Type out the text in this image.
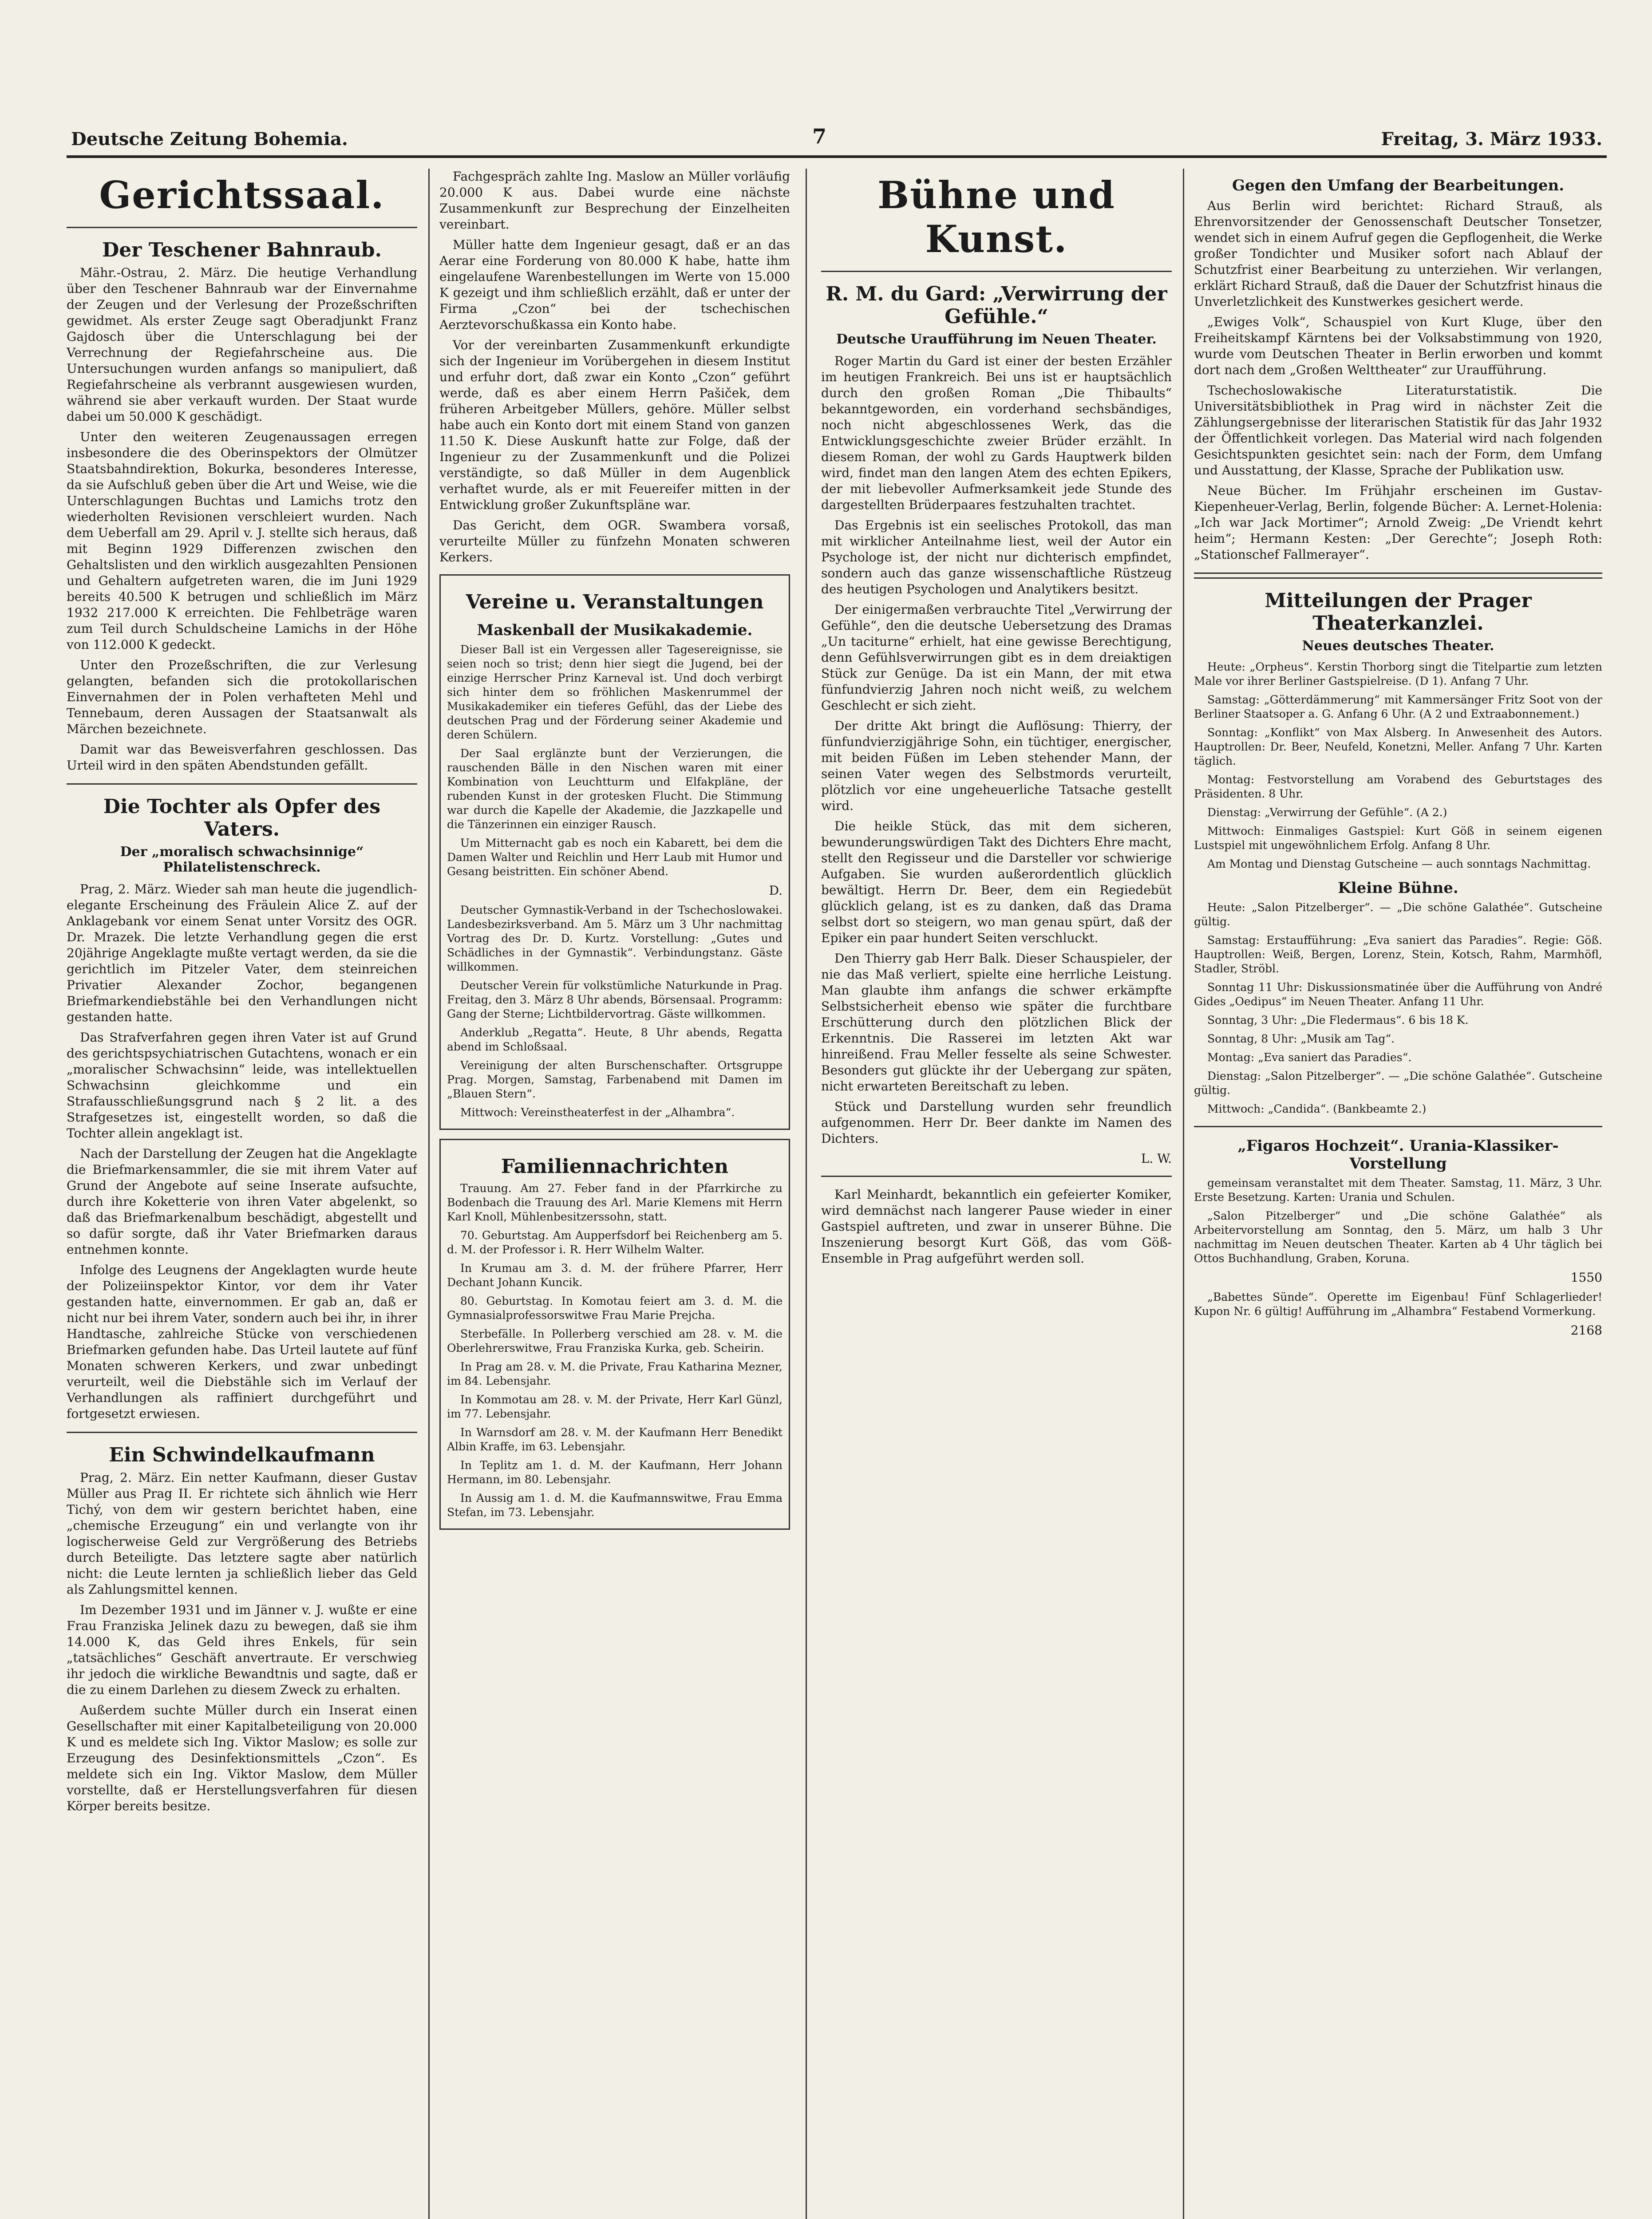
Deutsche Zeitung Bohemia.	7	Freitag, 3. März 1933.
Gerichtssaal.
Der Teschener Bahnraub.

Mähr.-Ostrau, 2. März. Die heutige Verhandlung über den Teschener Bahnraub war der Einvernahme der Zeugen und der Verlesung der Prozeßschriften gewidmet. Als erster Zeuge sagt Oberadjunkt Franz Gajdosch über die Unterschlagung bei der Verrechnung der Regiefahrscheine aus. Die Untersuchungen wurden anfangs so manipuliert, daß Regiefahrscheine als verbrannt ausgewiesen wurden, während sie aber verkauft wurden. Der Staat wurde dabei um 50.000 K geschädigt.

Unter den weiteren Zeugenaussagen erregen insbesondere die des Oberinspektors der Olmützer Staatsbahndirektion, Bokurka, besonderes Interesse, da sie Aufschluß geben über die Art und Weise, wie die Unterschlagungen Buchtas und Lamichs trotz den wiederholten Revisionen verschleiert wurden. Nach dem Ueberfall am 29. April v. J. stellte sich heraus, daß mit Beginn 1929 Differenzen zwischen den Gehaltslisten und den wirklich ausgezahlten Pensionen und Gehaltern aufgetreten waren, die im Juni 1929 bereits 40.500 K betrugen und schließlich im März 1932 217.000 K erreichten. Die Fehlbeträge waren zum Teil durch Schuldscheine Lamichs in der Höhe von 112.000 K gedeckt.

Unter den Prozeßschriften, die zur Verlesung gelangten, befanden sich die protokollarischen Einvernahmen der in Polen verhafteten Mehl und Tennebaum, deren Aussagen der Staatsanwalt als Märchen bezeichnete.

Damit war das Beweisverfahren geschlossen. Das Urteil wird in den späten Abendstunden gefällt.

Die Tochter als Opfer des Vaters.
Der „moralisch schwachsinnige“ Philatelistenschreck.

Prag, 2. März. Wieder sah man heute die jugendlich-elegante Erscheinung des Fräulein Alice Z. auf der Anklagebank vor einem Senat unter Vorsitz des OGR. Dr. Mrazek. Die letzte Verhandlung gegen die erst 20jährige Angeklagte mußte vertagt werden, da sie die gerichtlich im Pitzeler Vater, dem steinreichen Privatier Alexander Zochor, begangenen Briefmarkendiebstähle bei den Verhandlungen nicht gestanden hatte.

Das Strafverfahren gegen ihren Vater ist auf Grund des gerichtspsychiatrischen Gutachtens, wonach er ein „moralischer Schwachsinn“ leide, was intellektuellen Schwachsinn gleichkomme und ein Strafausschließungsgrund nach § 2 lit. a des Strafgesetzes ist, eingestellt worden, so daß die Tochter allein angeklagt ist.

Nach der Darstellung der Zeugen hat die Angeklagte die Briefmarkensammler, die sie mit ihrem Vater auf Grund der Angebote auf seine Inserate aufsuchte, durch ihre Koketterie von ihren Vater abgelenkt, so daß das Briefmarkenalbum beschädigt, abgestellt und so dafür sorgte, daß ihr Vater Briefmarken daraus entnehmen konnte.

Infolge des Leugnens der Angeklagten wurde heute der Polizeiinspektor Kintor, vor dem ihr Vater gestanden hatte, einvernommen. Er gab an, daß er nicht nur bei ihrem Vater, sondern auch bei ihr, in ihrer Handtasche, zahlreiche Stücke von verschiedenen Briefmarken gefunden habe. Das Urteil lautete auf fünf Monaten schweren Kerkers, und zwar unbedingt verurteilt, weil die Diebstähle sich im Verlauf der Verhandlungen als raffiniert durchgeführt und fortgesetzt erwiesen.

Ein Schwindelkaufmann

Prag, 2. März. Ein netter Kaufmann, dieser Gustav Müller aus Prag II. Er richtete sich ähnlich wie Herr Tichý, von dem wir gestern berichtet haben, eine „chemische Erzeugung“ ein und verlangte von ihr logischerweise Geld zur Vergrößerung des Betriebs durch Beteiligte. Das letztere sagte aber natürlich nicht: die Leute lernten ja schließlich lieber das Geld als Zahlungsmittel kennen.

Im Dezember 1931 und im Jänner v. J. wußte er eine Frau Franziska Jelinek dazu zu bewegen, daß sie ihm 14.000 K, das Geld ihres Enkels, für sein „tatsächliches“ Geschäft anvertraute. Er verschwieg ihr jedoch die wirkliche Bewandtnis und sagte, daß er die zu einem Darlehen zu diesem Zweck zu erhalten.

Außerdem suchte Müller durch ein Inserat einen Gesellschafter mit einer Kapitalbeteiligung von 20.000 K und es meldete sich Ing. Viktor Maslow; es solle zur Erzeugung des Desinfektionsmittels „Czon“. Es meldete sich ein Ing. Viktor Maslow, dem Müller vorstellte, daß er Herstellungsverfahren für diesen Körper bereits besitze.

Fachgespräch zahlte Ing. Maslow an Müller vorläufig 20.000 K aus. Dabei wurde eine nächste Zusammenkunft zur Besprechung der Einzelheiten vereinbart.

Müller hatte dem Ingenieur gesagt, daß er an das Aerar eine Forderung von 80.000 K habe, hatte ihm eingelaufene Warenbestellungen im Werte von 15.000 K gezeigt und ihm schließlich erzählt, daß er unter der Firma „Czon“ bei der tschechischen Aerztevorschußkassa ein Konto habe.

Vor der vereinbarten Zusammenkunft erkundigte sich der Ingenieur im Vorübergehen in diesem Institut und erfuhr dort, daß zwar ein Konto „Czon“ geführt werde, daß es aber einem Herrn Pašiček, dem früheren Arbeitgeber Müllers, gehöre. Müller selbst habe auch ein Konto dort mit einem Stand von ganzen 11.50 K. Diese Auskunft hatte zur Folge, daß der Ingenieur zu der Zusammenkunft und die Polizei verständigte, so daß Müller in dem Augenblick verhaftet wurde, als er mit Feuereifer mitten in der Entwicklung großer Zukunftspläne war.

Das Gericht, dem OGR. Swambera vorsaß, verurteilte Müller zu fünfzehn Monaten schweren Kerkers.

Vereine u. Veranstaltungen
Maskenball der Musikakademie.

Dieser Ball ist ein Vergessen aller Tagesereignisse, sie seien noch so trist; denn hier siegt die Jugend, bei der einzige Herrscher Prinz Karneval ist. Und doch verbirgt sich hinter dem so fröhlichen Maskenrummel der Musikakademiker ein tieferes Gefühl, das der Liebe des deutschen Prag und der Förderung seiner Akademie und deren Schülern.

Der Saal erglänzte bunt der Verzierungen, die rauschenden Bälle in den Nischen waren mit einer Kombination von Leuchtturm und Elfakpläne, der rubenden Kunst in der grotesken Flucht. Die Stimmung war durch die Kapelle der Akademie, die Jazzkapelle und die Tänzerinnen ein einziger Rausch.

Um Mitternacht gab es noch ein Kabarett, bei dem die Damen Walter und Reichlin und Herr Laub mit Humor und Gesang beistritten. Ein schöner Abend.

D.

Deutscher Gymnastik-Verband in der Tschechoslowakei. Landesbezirksverband. Am 5. März um 3 Uhr nachmittag Vortrag des Dr. D. Kurtz. Vorstellung: „Gutes und Schädliches in der Gymnastik“. Verbindungstanz. Gäste willkommen.

Deutscher Verein für volkstümliche Naturkunde in Prag. Freitag, den 3. März 8 Uhr abends, Börsensaal. Programm: Gang der Sterne; Lichtbildervortrag. Gäste willkommen.

Anderklub „Regatta“. Heute, 8 Uhr abends, Regatta abend im Schloßsaal.

Vereinigung der alten Burschenschafter. Ortsgruppe Prag. Morgen, Samstag, Farbenabend mit Damen im „Blauen Stern“.

Mittwoch: Vereinstheaterfest in der „Alhambra“.

Familiennachrichten

Trauung. Am 27. Feber fand in der Pfarrkirche zu Bodenbach die Trauung des Arl. Marie Klemens mit Herrn Karl Knoll, Mühlenbesitzerssohn, statt.

70. Geburtstag. Am Aupperfsdorf bei Reichenberg am 5. d. M. der Professor i. R. Herr Wilhelm Walter.

In Krumau am 3. d. M. der frühere Pfarrer, Herr Dechant Johann Kuncik.

80. Geburtstag. In Komotau feiert am 3. d. M. die Gymnasialprofessorswitwe Frau Marie Prejcha.

Sterbefälle. In Pollerberg verschied am 28. v. M. die Oberlehrerswitwe, Frau Franziska Kurka, geb. Scheirin.

In Prag am 28. v. M. die Private, Frau Katharina Mezner, im 84. Lebensjahr.

In Kommotau am 28. v. M. der Private, Herr Karl Günzl, im 77. Lebensjahr.

In Warnsdorf am 28. v. M. der Kaufmann Herr Benedikt Albin Kraffe, im 63. Lebensjahr.

In Teplitz am 1. d. M. der Kaufmann, Herr Johann Hermann, im 80. Lebensjahr.

In Aussig am 1. d. M. die Kaufmannswitwe, Frau Emma Stefan, im 73. Lebensjahr.

Bühne und Kunst.
R. M. du Gard: „Verwirrung der Gefühle.“
Deutsche Uraufführung im Neuen Theater.

Roger Martin du Gard ist einer der besten Erzähler im heutigen Frankreich. Bei uns ist er hauptsächlich durch den großen Roman „Die Thibaults“ bekanntgeworden, ein vorderhand sechsbändiges, noch nicht abgeschlossenes Werk, das die Entwicklungsgeschichte zweier Brüder erzählt. In diesem Roman, der wohl zu Gards Hauptwerk bilden wird, findet man den langen Atem des echten Epikers, der mit liebevoller Aufmerksamkeit jede Stunde des dargestellten Brüderpaares festzuhalten trachtet.

Das Ergebnis ist ein seelisches Protokoll, das man mit wirklicher Anteilnahme liest, weil der Autor ein Psychologe ist, der nicht nur dichterisch empfindet, sondern auch das ganze wissenschaftliche Rüstzeug des heutigen Psychologen und Analytikers besitzt.

Der einigermaßen verbrauchte Titel „Verwirrung der Gefühle“, den die deutsche Uebersetzung des Dramas „Un taciturne“ erhielt, hat eine gewisse Berechtigung, denn Gefühlsverwirrungen gibt es in dem dreiaktigen Stück zur Genüge. Da ist ein Mann, der mit etwa fünfundvierzig Jahren noch nicht weiß, zu welchem Geschlecht er sich zieht.

Der dritte Akt bringt die Auflösung: Thierry, der fünfundvierzigjährige Sohn, ein tüchtiger, energischer, mit beiden Füßen im Leben stehender Mann, der seinen Vater wegen des Selbstmords verurteilt, plötzlich vor eine ungeheuerliche Tatsache gestellt wird.

Die heikle Stück, das mit dem sicheren, bewunderungswürdigen Takt des Dichters Ehre macht, stellt den Regisseur und die Darsteller vor schwierige Aufgaben. Sie wurden außerordentlich glücklich bewältigt. Herrn Dr. Beer, dem ein Regiedebüt glücklich gelang, ist es zu danken, daß das Drama selbst dort so steigern, wo man genau spürt, daß der Epiker ein paar hundert Seiten verschluckt.

Den Thierry gab Herr Balk. Dieser Schauspieler, der nie das Maß verliert, spielte eine herrliche Leistung. Man glaubte ihm anfangs die schwer erkämpfte Selbstsicherheit ebenso wie später die furchtbare Erschütterung durch den plötzlichen Blick der Erkenntnis. Die Rasserei im letzten Akt war hinreißend. Frau Meller fesselte als seine Schwester. Besonders gut glückte ihr der Uebergang zur späten, nicht erwarteten Bereitschaft zu leben.

Stück und Darstellung wurden sehr freundlich aufgenommen. Herr Dr. Beer dankte im Namen des Dichters.

L. W.

Karl Meinhardt, bekanntlich ein gefeierter Komiker, wird demnächst nach langerer Pause wieder in einer Gastspiel auftreten, und zwar in unserer Bühne. Die Inszenierung besorgt Kurt Göß, das vom Göß-Ensemble in Prag aufgeführt werden soll.

Gegen den Umfang der Bearbeitungen.

Aus Berlin wird berichtet: Richard Strauß, als Ehrenvorsitzender der Genossenschaft Deutscher Tonsetzer, wendet sich in einem Aufruf gegen die Gepflogenheit, die Werke großer Tondichter und Musiker sofort nach Ablauf der Schutzfrist einer Bearbeitung zu unterziehen. Wir verlangen, erklärt Richard Strauß, daß die Dauer der Schutzfrist hinaus die Unverletzlichkeit des Kunstwerkes gesichert werde.

„Ewiges Volk“, Schauspiel von Kurt Kluge, über den Freiheitskampf Kärntens bei der Volksabstimmung von 1920, wurde vom Deutschen Theater in Berlin erworben und kommt dort nach dem „Großen Welttheater“ zur Uraufführung.

Tschechoslowakische Literaturstatistik. Die Universitätsbibliothek in Prag wird in nächster Zeit die Zählungsergebnisse der literarischen Statistik für das Jahr 1932 der Öffentlichkeit vorlegen. Das Material wird nach folgenden Gesichtspunkten gesichtet sein: nach der Form, dem Umfang und Ausstattung, der Klasse, Sprache der Publikation usw.

Neue Bücher. Im Frühjahr erscheinen im Gustav-Kiepenheuer-Verlag, Berlin, folgende Bücher: A. Lernet-Holenia: „Ich war Jack Mortimer“; Arnold Zweig: „De Vriendt kehrt heim“; Hermann Kesten: „Der Gerechte“; Joseph Roth: „Stationschef Fallmerayer“.

Mitteilungen der Prager Theaterkanzlei.
Neues deutsches Theater.

Heute: „Orpheus“. Kerstin Thorborg singt die Titelpartie zum letzten Male vor ihrer Berliner Gastspielreise. (D 1). Anfang 7 Uhr.

Samstag: „Götterdämmerung“ mit Kammersänger Fritz Soot von der Berliner Staatsoper a. G. Anfang 6 Uhr. (A 2 und Extraabonnement.)

Sonntag: „Konflikt“ von Max Alsberg. In Anwesenheit des Autors. Hauptrollen: Dr. Beer, Neufeld, Konetzni, Meller. Anfang 7 Uhr. Karten täglich.

Montag: Festvorstellung am Vorabend des Geburtstages des Präsidenten. 8 Uhr.

Dienstag: „Verwirrung der Gefühle“. (A 2.)

Mittwoch: Einmaliges Gastspiel: Kurt Göß in seinem eigenen Lustspiel mit ungewöhnlichem Erfolg. Anfang 8 Uhr.

Am Montag und Dienstag Gutscheine — auch sonntags Nachmittag.

Kleine Bühne.

Heute: „Salon Pitzelberger“. — „Die schöne Galathée“. Gutscheine gültig.

Samstag: Erstaufführung: „Eva saniert das Paradies“. Regie: Göß. Hauptrollen: Weiß, Bergen, Lorenz, Stein, Kotsch, Rahm, Marmhöfl, Stadler, Ströbl.

Sonntag 11 Uhr: Diskussionsmatinée über die Aufführung von André Gides „Oedipus“ im Neuen Theater. Anfang 11 Uhr.

Sonntag, 3 Uhr: „Die Fledermaus“. 6 bis 18 K.

Sonntag, 8 Uhr: „Musik am Tag“.

Montag: „Eva saniert das Paradies“.

Dienstag: „Salon Pitzelberger“. — „Die schöne Galathée“. Gutscheine gültig.

Mittwoch: „Candida“. (Bankbeamte 2.)

„Figaros Hochzeit“. Urania-Klassiker-Vorstellung

gemeinsam veranstaltet mit dem Theater. Samstag, 11. März, 3 Uhr. Erste Besetzung. Karten: Urania und Schulen.

„Salon Pitzelberger“ und „Die schöne Galathée“ als Arbeitervorstellung am Sonntag, den 5. März, um halb 3 Uhr nachmittag im Neuen deutschen Theater. Karten ab 4 Uhr täglich bei Ottos Buchhandlung, Graben, Koruna.

1550

„Babettes Sünde“. Operette im Eigenbau! Fünf Schlagerlieder! Kupon Nr. 6 gültig! Aufführung im „Alhambra“ Festabend Vormerkung.

2168
